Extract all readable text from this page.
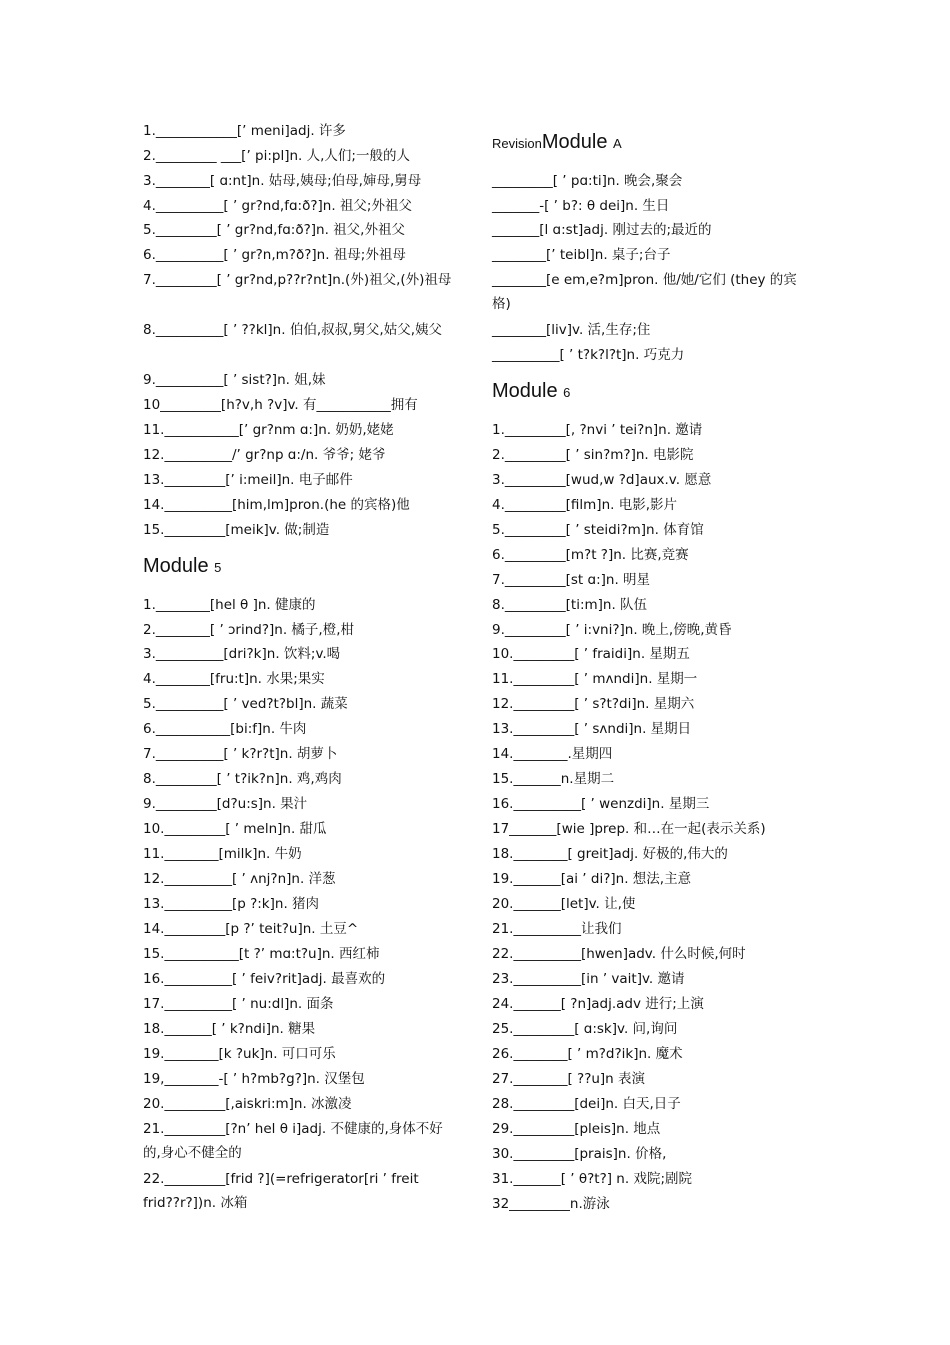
1.____________[’ meni]adj. 许多
2._________ ___[’ pi:pl]n. 人,人们;一般的人
3.________[ ɑ:nt]n. 姑母,姨母;伯母,婶母,舅母
4.__________[ ’ gr?nd,fɑ:ð?]n. 祖父;外祖父
5._________[ ’ gr?nd,fɑ:ð?]n. 祖父,外祖父
6.__________[ ’ gr?n,m?ð?]n. 祖母;外祖母
7._________[ ’ gr?nd,p??r?nt]n.(外)祖父,(外)祖母
8.__________[ ’ ??kl]n. 伯伯,叔叔,舅父,姑父,姨父
9.__________[ ’ sist?]n. 姐,妹
10_________[h?v,h ?v]v. 有___________拥有
11.___________[’ gr?nm ɑ:]n. 奶奶,姥姥
12.__________/’ gr?np ɑ:/n. 爷爷; 姥爷
13._________[’ i:meil]n. 电子邮件
14.__________[him,lm]pron.(he 的宾格)他
15._________[meik]v. 做;制造
Module 5
1.________[hel θ ]n. 健康的
2.________[ ’ ɔrind?]n. 橘子,橙,柑
3.__________[dri?k]n. 饮料;v.喝
4.________[fru:t]n. 水果;果实
5.__________[ ’ ved?t?bl]n. 蔬菜
6.___________[bi:f]n. 牛肉
7.__________[ ’ k?r?t]n. 胡萝卜
8._________[ ’ t?ik?n]n. 鸡,鸡肉
9._________[d?u:s]n. 果汁
10._________[ ’ meln]n. 甜瓜
11.________[milk]n. 牛奶
12.__________[ ’ ʌnj?n]n. 洋葱
13.__________[p ?:k]n. 猪肉
14._________[p ?’ teit?u]n. 土豆^
15.___________[t ?’ mɑ:t?u]n. 西红柿
16.__________[ ’ feiv?rit]adj. 最喜欢的
17.__________[ ’ nu:dl]n. 面条
18._______[ ’ k?ndi]n. 糖果
19.________[k ?uk]n. 可口可乐
19,________-[ ’ h?mb?g?]n. 汉堡包
20._________[,aiskri:m]n. 冰激凌
21._________[?n’ hel θ i]adj. 不健康的,身体不好的,身心不健全的
22._________[frid ?](=refrigerator[ri ’ freit frid??r?])n. 冰箱
RevisionModule A
_________[ ’ pɑ:ti]n. 晚会,聚会
_______-[ ’ b?: θ dei]n. 生日
_______[l ɑ:st]adj. 刚过去的;最近的
________[’ teibl]n. 桌子;台子
________[e em,e?m]pron. 他/她/它们 (they 的宾格)
________[liv]v. 活,生存;住
__________[ ’ t?k?l?t]n. 巧克力
Module 6
1._________[, ?nvi ’ tei?n]n. 邀请
2._________[ ’ sin?m?]n. 电影院
3._________[wud,w ?d]aux.v. 愿意
4._________[film]n. 电影,影片
5._________[ ’ steidi?m]n. 体育馆
6._________[m?t ?]n. 比赛,竞赛
7._________[st ɑ:]n. 明星
8._________[ti:m]n. 队伍
9._________[ ’ i:vni?]n. 晚上,傍晚,黄昏
10._________[ ’ fraidi]n. 星期五
11._________[ ’ mʌndi]n. 星期一
12._________[ ’ s?t?di]n. 星期六
13._________[ ’ sʌndi]n. 星期日
14.________.星期四
15._______n.星期二
16.__________[ ’ wenzdi]n. 星期三
17_______[wie ]prep. 和…在一起(表示关系)
18.________[ greit]adj. 好极的,伟大的
19._______[ai ’ di?]n. 想法,主意
20._______[let]v. 让,使
21.__________让我们
22.__________[hwen]adv. 什么时候,何时
23.__________[in ’ vait]v. 邀请
24._______[ ?n]adj.adv 进行;上演
25._________[ ɑ:sk]v. 问,询问
26.________[ ’ m?d?ik]n. 魔术
27.________[ ??u]n 表演
28._________[dei]n. 白天,日子
29._________[pleis]n. 地点
30._________[prais]n. 价格,
31._______[ ’ θ?t?] n. 戏院;剧院
32_________n.游泳
